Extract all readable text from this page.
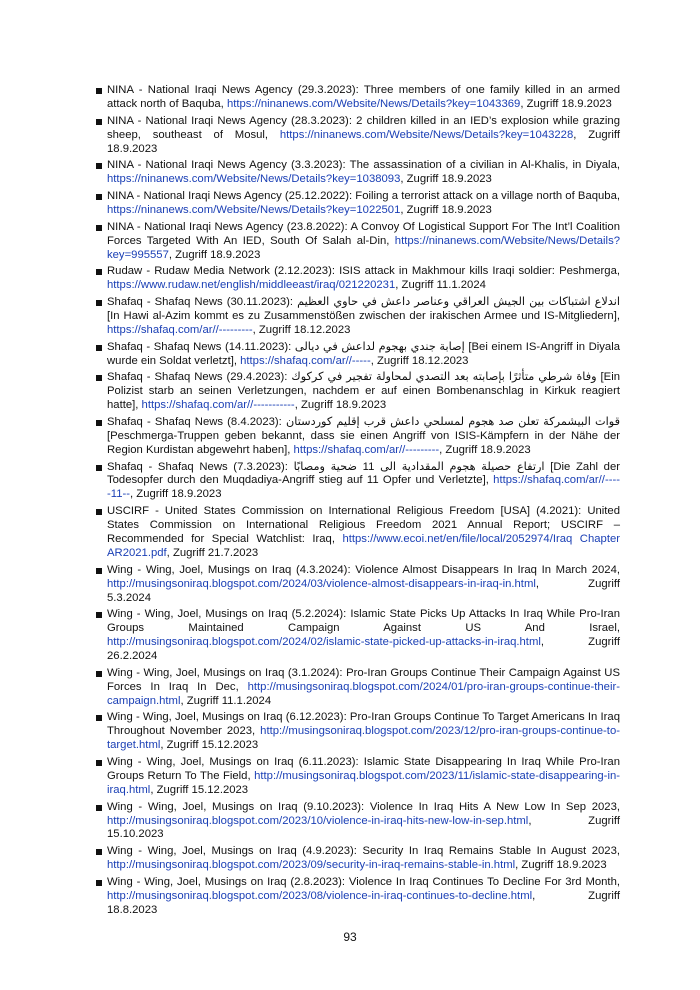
NINA - National Iraqi News Agency (29.3.2023): Three members of one family killed in an armed attack north of Baquba, https://ninanews.com/Website/News/Details?key=1043369, Zugriff 18.9.2023
NINA - National Iraqi News Agency (28.3.2023): 2 children killed in an IED’s explosion while grazing sheep, southeast of Mosul, https://ninanews.com/Website/News/Details?key=1043228, Zugriff 18.9.2023
NINA - National Iraqi News Agency (3.3.2023): The assassination of a civilian in Al-Khalis, in Diyala, https://ninanews.com/Website/News/Details?key=1038093, Zugriff 18.9.2023
NINA - National Iraqi News Agency (25.12.2022): Foiling a terrorist attack on a village north of Baquba, https://ninanews.com/Website/News/Details?key=1022501, Zugriff 18.9.2023
NINA - National Iraqi News Agency (23.8.2022): A Convoy Of Logistical Support For The Int’l Coalition Forces Targeted With An IED, South Of Salah al-Din, https://ninanews.com/Website/News/Details?key=995557, Zugriff 18.9.2023
Rudaw - Rudaw Media Network (2.12.2023): ISIS attack in Makhmour kills Iraqi soldier: Peshmerga, https://www.rudaw.net/english/middleeast/iraq/021220231, Zugriff 11.1.2024
Shafaq - Shafaq News (30.11.2023): اندلاع اشتباكات بين الجيش العراقي وعناصر داعش في حاوي العظيم [In Hawi al-Azim kommt es zu Zusammenstößen zwischen der irakischen Armee und IS-Mitgliedern], https://shafaq.com/ar//---------, Zugriff 18.12.2023
Shafaq - Shafaq News (14.11.2023): إصابة جندي بهجوم لداعش في ديالى [Bei einem IS-Angriff in Diyala wurde ein Soldat verletzt], https://shafaq.com/ar//-----, Zugriff 18.12.2023
Shafaq - Shafaq News (29.4.2023): وفاة شرطي متأثرًا بإصابته بعد التصدي لمحاولة تفجير في كركوك [Ein Polizist starb an seinen Verletzungen, nachdem er auf einen Bombenanschlag in Kirkuk reagiert hatte], https://shafaq.com/ar//-----------, Zugriff 18.9.2023
Shafaq - Shafaq News (8.4.2023): قوات البيشمركة تعلن صد هجوم لمسلحي داعش قرب إقليم كوردستان [Peschmerga-Truppen geben bekannt, dass sie einen Angriff von ISIS-Kämpfern in der Nähe der Region Kurdistan abgewehrt haben], https://shafaq.com/ar//---------, Zugriff 18.9.2023
Shafaq - Shafaq News (7.3.2023): ارتفاع حصيلة هجوم المقدادية الى 11 ضحية ومصابًا [Die Zahl der Todesopfer durch den Muqdadiya-Angriff stieg auf 11 Opfer und Verletzte], https://shafaq.com/ar//-----11--, Zugriff 18.9.2023
USCIRF - United States Commission on International Religious Freedom [USA] (4.2021): United States Commission on International Religious Freedom 2021 Annual Report; USCIRF – Recommended for Special Watchlist: Iraq, https://www.ecoi.net/en/file/local/2052974/Iraq Chapter AR2021.pdf, Zugriff 21.7.2023
Wing - Wing, Joel, Musings on Iraq (4.3.2024): Violence Almost Disappears In Iraq In March 2024, http://musingsoniraq.blogspot.com/2024/03/violence-almost-disappears-in-iraq-in.html, Zugriff 5.3.2024
Wing - Wing, Joel, Musings on Iraq (5.2.2024): Islamic State Picks Up Attacks In Iraq While Pro-Iran Groups Maintained Campaign Against US And Israel, http://musingsoniraq.blogspot.com/2024/02/islamic-state-picked-up-attacks-in-iraq.html, Zugriff 26.2.2024
Wing - Wing, Joel, Musings on Iraq (3.1.2024): Pro-Iran Groups Continue Their Campaign Against US Forces In Iraq In Dec, http://musingsoniraq.blogspot.com/2024/01/pro-iran-groups-continue-their-campaign.html, Zugriff 11.1.2024
Wing - Wing, Joel, Musings on Iraq (6.12.2023): Pro-Iran Groups Continue To Target Americans In Iraq Throughout November 2023, http://musingsoniraq.blogspot.com/2023/12/pro-iran-groups-continue-to-target.html, Zugriff 15.12.2023
Wing - Wing, Joel, Musings on Iraq (6.11.2023): Islamic State Disappearing In Iraq While Pro-Iran Groups Return To The Field, http://musingsoniraq.blogspot.com/2023/11/islamic-state-disappearing-in-iraq.html, Zugriff 15.12.2023
Wing - Wing, Joel, Musings on Iraq (9.10.2023): Violence In Iraq Hits A New Low In Sep 2023, http://musingsoniraq.blogspot.com/2023/10/violence-in-iraq-hits-new-low-in-sep.html, Zugriff 15.10.2023
Wing - Wing, Joel, Musings on Iraq (4.9.2023): Security In Iraq Remains Stable In August 2023, http://musingsoniraq.blogspot.com/2023/09/security-in-iraq-remains-stable-in.html, Zugriff 18.9.2023
Wing - Wing, Joel, Musings on Iraq (2.8.2023): Violence In Iraq Continues To Decline For 3rd Month, http://musingsoniraq.blogspot.com/2023/08/violence-in-iraq-continues-to-decline.html, Zugriff 18.8.2023
93
